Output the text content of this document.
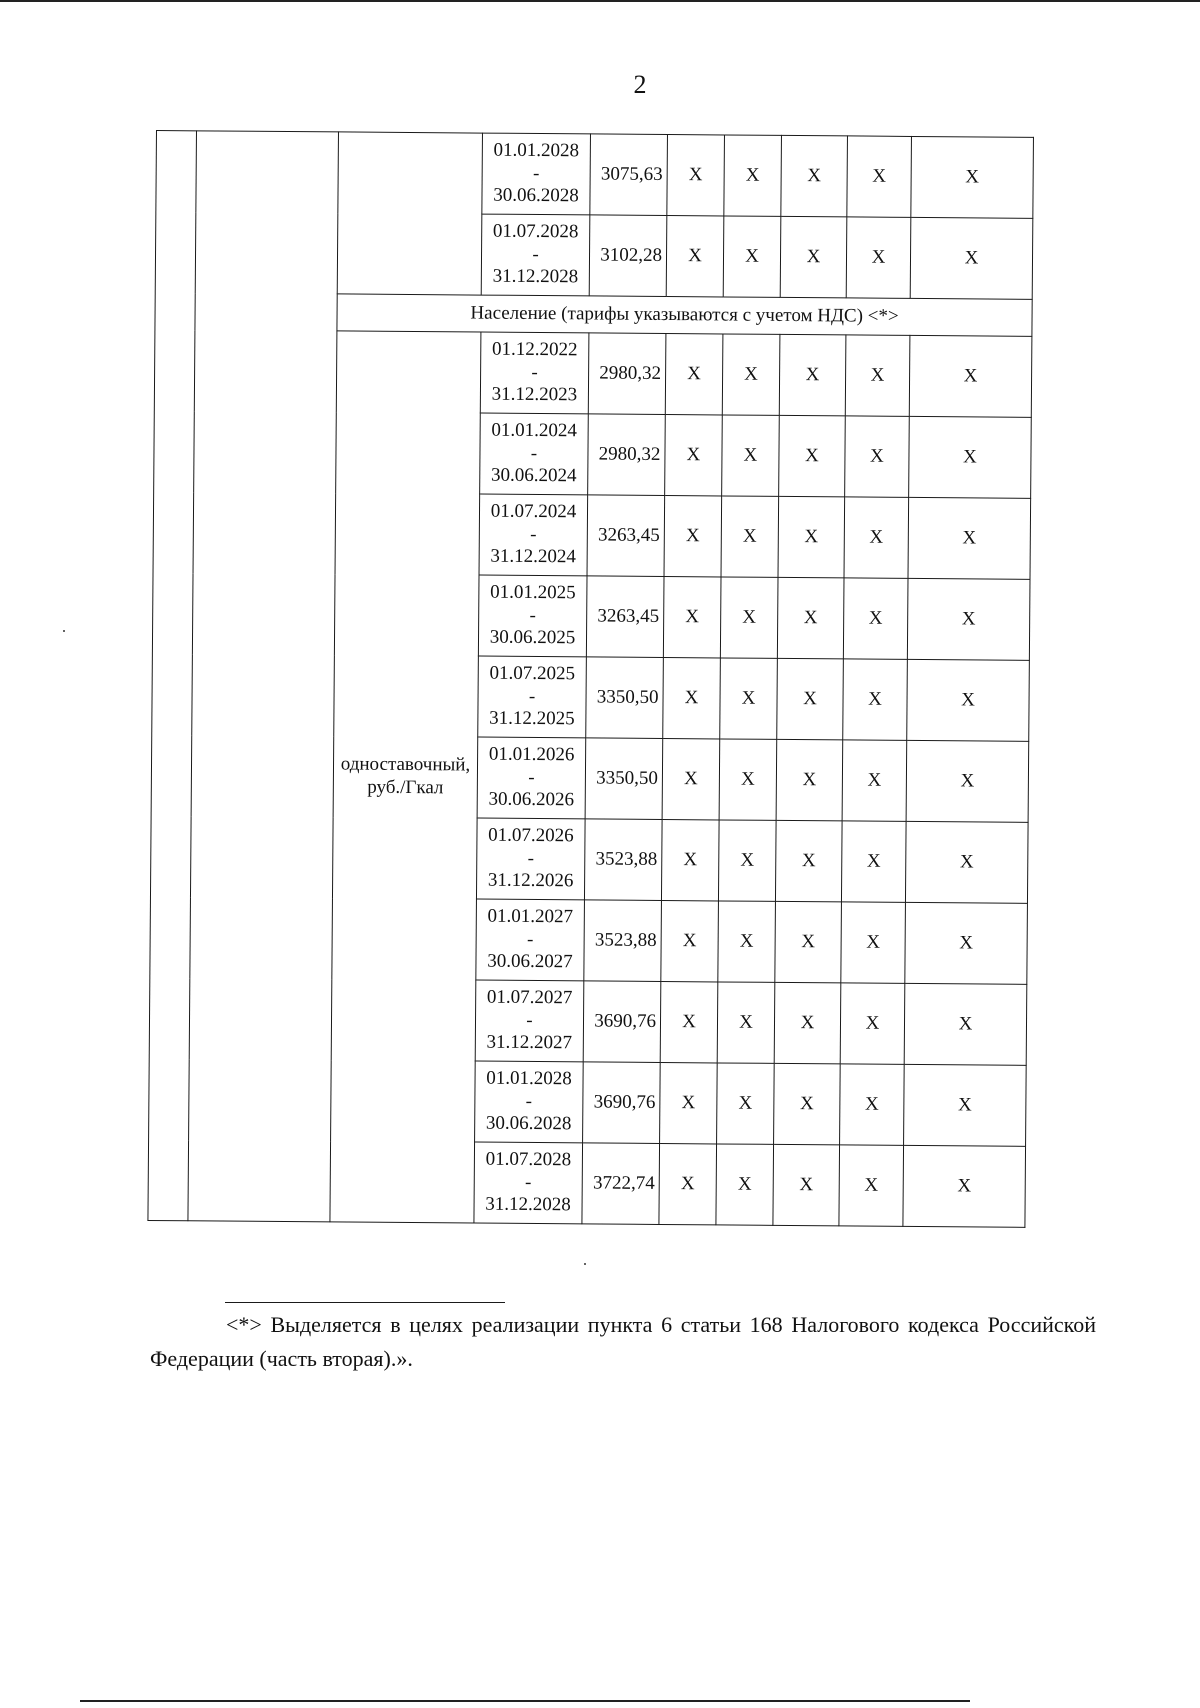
2

			01.01.2028
-
30.06.2028	3075,63	Х	Х	Х	Х	Х

			01.07.2028
-
31.12.2028	3102,28	Х	Х	Х	Х	Х
		Население (тарифы указываются с учетом НДС) <*>							

		одноставочный,
руб./Гкал	01.12.2022
-
31.12.2023	2980,32	Х	Х	Х	Х	Х

			01.01.2024
-
30.06.2024	2980,32	Х	Х	Х	Х	Х

			01.07.2024
-
31.12.2024	3263,45	Х	Х	Х	Х	Х

			01.01.2025
-
30.06.2025	3263,45	Х	Х	Х	Х	Х

			01.07.2025
-
31.12.2025	3350,50	Х	Х	Х	Х	Х

			01.01.2026
-
30.06.2026	3350,50	Х	Х	Х	Х	Х

			01.07.2026
-
31.12.2026	3523,88	Х	Х	Х	Х	Х

			01.01.2027
-
30.06.2027	3523,88	Х	Х	Х	Х	Х

			01.07.2027
-
31.12.2027	3690,76	Х	Х	Х	Х	Х

			01.01.2028
-
30.06.2028	3690,76	Х	Х	Х	Х	Х

			01.07.2028
-
31.12.2028	3722,74	Х	Х	Х	Х	Х
<*> Выделяется в целях реализации пункта 6 статьи 168 Налогового кодекса Российской Федерации (часть вторая).».
